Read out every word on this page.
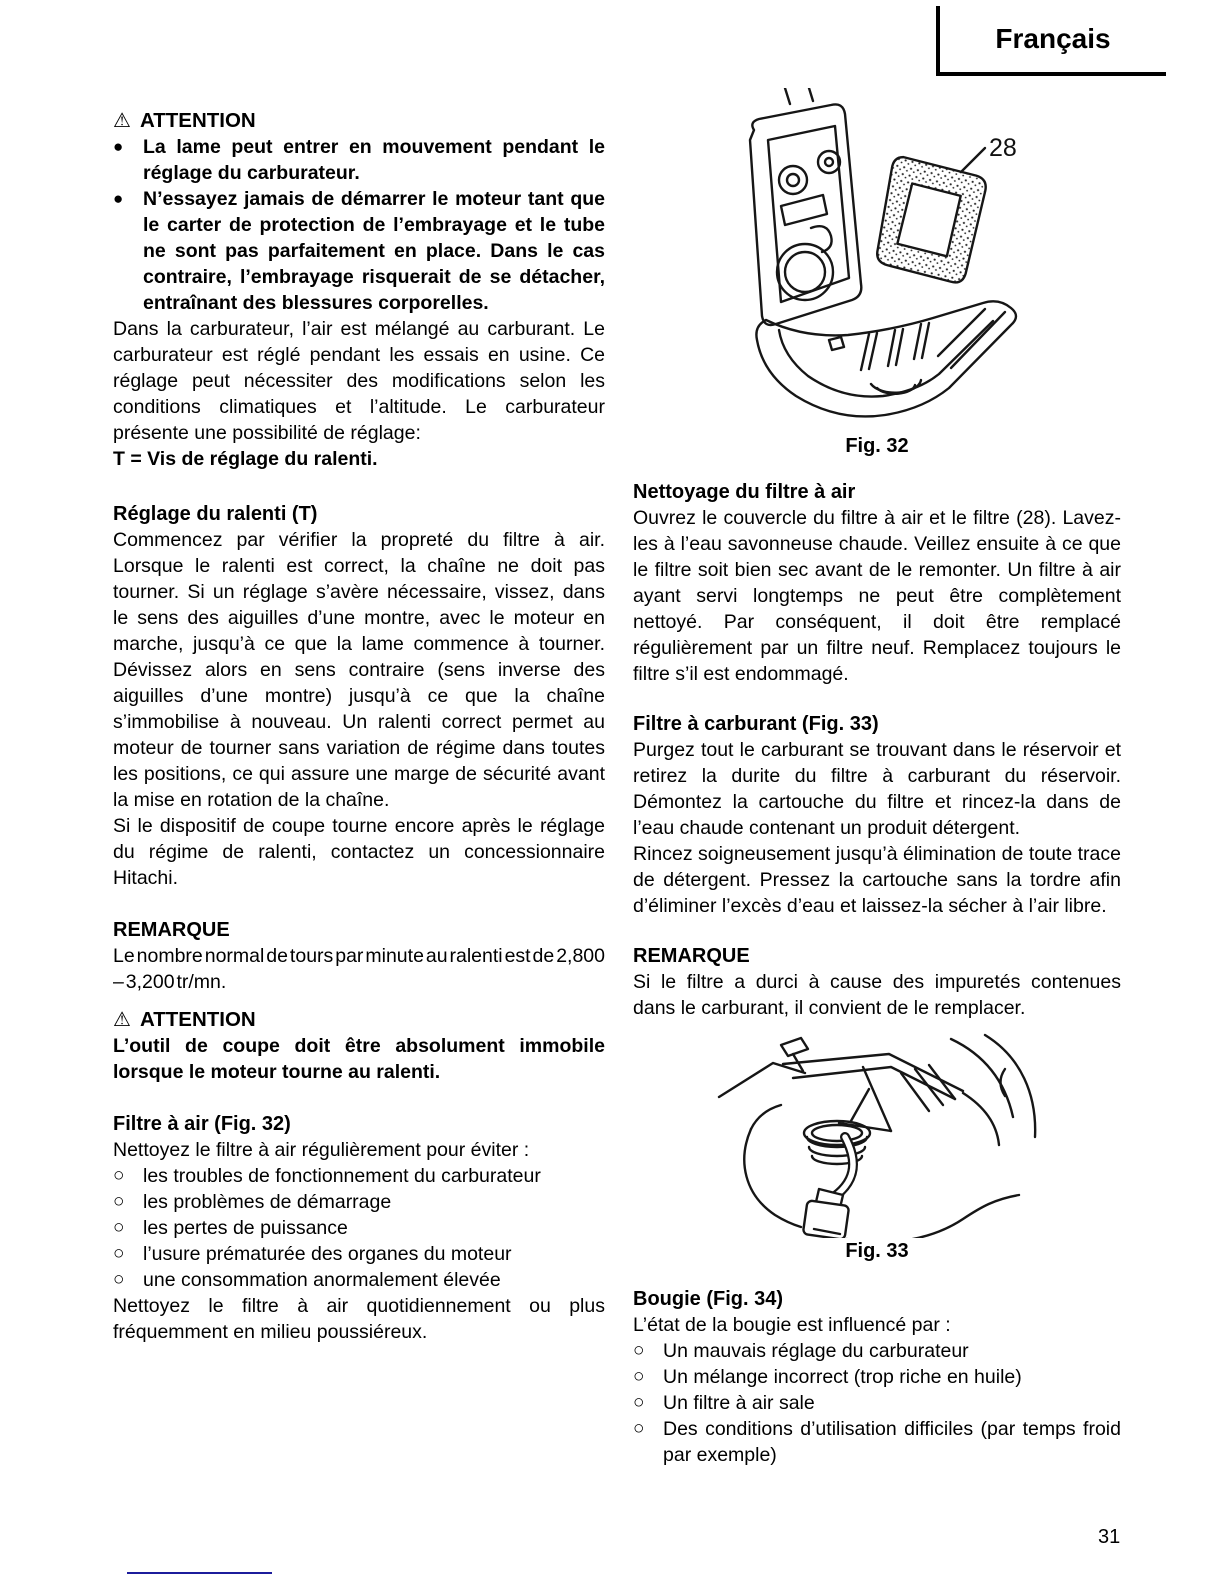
Français
⚠ ATTENTION
●	La lame peut entrer en mouvement pendant le réglage du carburateur.

●	N’essayez jamais de démarrer le moteur tant que le carter de protection de l’embrayage et le tube ne sont pas parfaitement en place. Dans le cas contraire, l’embrayage risquerait de se détacher, entraînant des blessures corporelles.

Dans la carburateur, l’air est mélangé au carburant. Le carburateur est réglé pendant les essais en usine. Ce réglage peut nécessiter des modifications selon les conditions climatiques et l’altitude. Le carburateur présente une possibilité de réglage:

T = Vis de réglage du ralenti.

Réglage du ralenti (T)

Commencez par vérifier la propreté du filtre à air. Lorsque le ralenti est correct, la chaîne ne doit pas tourner. Si un réglage s’avère nécessaire, vissez, dans le sens des aiguilles d’une montre, avec le moteur en marche, jusqu’à ce que la lame commence à tourner. Dévissez alors en sens contraire (sens inverse des aiguilles d’une montre) jusqu’à ce que la chaîne s’immobilise à nouveau. Un ralenti correct permet au moteur de tourner sans variation de régime dans toutes les positions, ce qui assure une marge de sécurité avant la mise en rotation de la chaîne.

Si le dispositif de coupe tourne encore après le réglage du régime de ralenti, contactez un concessionnaire Hitachi.

REMARQUE

Le nombre normal de tours par minute au ralenti est de 2,800 – 3,200 tr/mn.

⚠ ATTENTION

L’outil de coupe doit être absolument immobile lorsque le moteur tourne au ralenti.

Filtre à air (Fig. 32)

Nettoyez le filtre à air régulièrement pour éviter :

○ les troubles de fonctionnement du carburateur

○ les problèmes de démarrage

○ les pertes de puissance

○ l’usure prématurée des organes du moteur

○ une consommation anormalement élevée

Nettoyez le filtre à air quotidiennement ou plus fréquemment en milieu poussiéreux.

28
Fig. 32
Nettoyage du filtre à air

Ouvrez le couvercle du filtre à air et le filtre (28). Lavez-les à l’eau savonneuse chaude. Veillez ensuite à ce que le filtre soit bien sec avant de le remonter. Un filtre à air ayant servi longtemps ne peut être complètement nettoyé. Par conséquent, il doit être remplacé régulièrement par un filtre neuf. Remplacez toujours le filtre s’il est endommagé.

Filtre à carburant (Fig. 33)

Purgez tout le carburant se trouvant dans le réservoir et retirez la durite du filtre à carburant du réservoir. Démontez la cartouche du filtre et rincez-la dans de l’eau chaude contenant un produit détergent.

Rincez soigneusement jusqu’à élimination de toute trace de détergent. Pressez la cartouche sans la tordre afin d’éliminer l’excès d’eau et laissez-la sécher à l’air libre.

REMARQUE

Si le filtre a durci à cause des impuretés contenues dans le carburant, il convient de le remplacer.

Fig. 33
Bougie (Fig. 34)

L’état de la bougie est influencé par :

○ Un mauvais réglage du carburateur

○ Un mélange incorrect (trop riche en huile)

○ Un filtre à air sale

○ Des conditions d’utilisation difficiles (par temps froid par exemple)

31
